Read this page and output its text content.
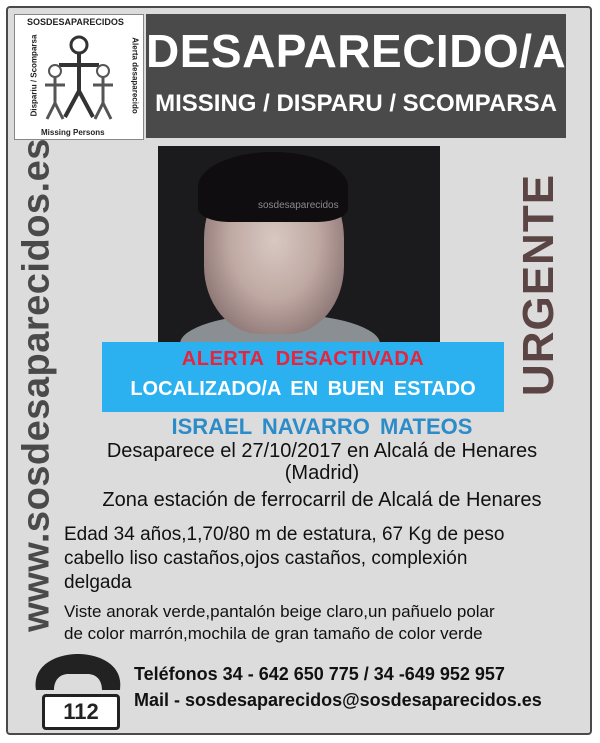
SOSDESAPARECIDOS
Dispariu / Scomparsa	Alerta desaparecido
Missing Persons
DESAPARECIDO/A
MISSING / DISPARU / SCOMPARSA
www.sosdesaparecidos.es	sosdesaparecidos
ALERTA DESACTIVADA
LOCALIZADO/A EN BUEN ESTADO URGENTE
ISRAEL NAVARRO MATEOS
Desaparece el 27/10/2017 en Alcalá de Henares
(Madrid)
Zona estación de ferrocarril de Alcalá de Henares
Edad 34 años,1,70/80 m de estatura, 67 Kg de peso
cabello liso castaños,ojos castaños, complexión
delgada
Viste anorak verde,pantalón beige claro,un pañuelo polar
de color marrón,mochila de gran tamaño de color verde
112
Teléfonos 34 - 642 650 775 / 34 -649 952 957
Mail - sosdesaparecidos@sosdesaparecidos.es
